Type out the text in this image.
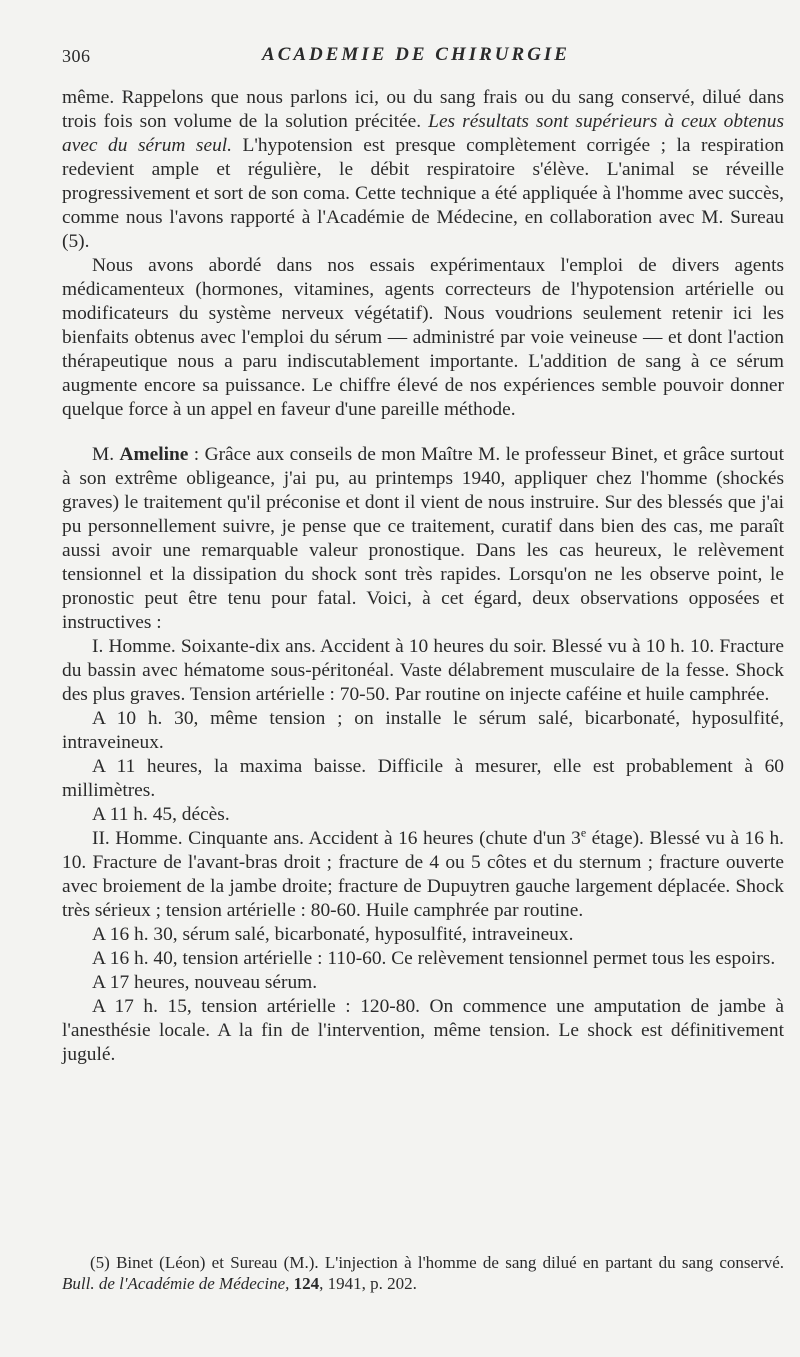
306	ACADEMIE DE CHIRURGIE

même. Rappelons que nous parlons ici, ou du sang frais ou du sang conservé, dilué dans trois fois son volume de la solution précitée. Les résultats sont supérieurs à ceux obtenus avec du sérum seul. L'hypotension est presque complètement corrigée ; la respiration redevient ample et régulière, le débit respiratoire s'élève. L'animal se réveille progressivement et sort de son coma. Cette technique a été appliquée à l'homme avec succès, comme nous l'avons rapporté à l'Académie de Médecine, en collaboration avec M. Sureau (5).

Nous avons abordé dans nos essais expérimentaux l'emploi de divers agents médicamenteux (hormones, vitamines, agents correcteurs de l'hypotension artérielle ou modificateurs du système nerveux végétatif). Nous voudrions seulement retenir ici les bienfaits obtenus avec l'emploi du sérum — administré par voie veineuse — et dont l'action thérapeutique nous a paru indiscutablement importante. L'addition de sang à ce sérum augmente encore sa puissance. Le chiffre élevé de nos expériences semble pouvoir donner quelque force à un appel en faveur d'une pareille méthode.

M. Ameline : Grâce aux conseils de mon Maître M. le professeur Binet, et grâce surtout à son extrême obligeance, j'ai pu, au printemps 1940, appliquer chez l'homme (shockés graves) le traitement qu'il préconise et dont il vient de nous instruire. Sur des blessés que j'ai pu personnellement suivre, je pense que ce traitement, curatif dans bien des cas, me paraît aussi avoir une remarquable valeur pronostique. Dans les cas heureux, le relèvement tensionnel et la dissipation du shock sont très rapides. Lorsqu'on ne les observe point, le pronostic peut être tenu pour fatal. Voici, à cet égard, deux observations opposées et instructives :

I. Homme. Soixante-dix ans. Accident à 10 heures du soir. Blessé vu à 10 h. 10. Fracture du bassin avec hématome sous-péritonéal. Vaste délabrement musculaire de la fesse. Shock des plus graves. Tension artérielle : 70-50. Par routine on injecte caféine et huile camphrée.

A 10 h. 30, même tension ; on installe le sérum salé, bicarbonaté, hyposulfité, intraveineux.

A 11 heures, la maxima baisse. Difficile à mesurer, elle est probablement à 60 millimètres.

A 11 h. 45, décès.

II. Homme. Cinquante ans. Accident à 16 heures (chute d'un 3e étage). Blessé vu à 16 h. 10. Fracture de l'avant-bras droit ; fracture de 4 ou 5 côtes et du sternum ; fracture ouverte avec broiement de la jambe droite; fracture de Dupuytren gauche largement déplacée. Shock très sérieux ; tension artérielle : 80-60. Huile camphrée par routine.

A 16 h. 30, sérum salé, bicarbonaté, hyposulfité, intraveineux.

A 16 h. 40, tension artérielle : 110-60. Ce relèvement tensionnel permet tous les espoirs.

A 17 heures, nouveau sérum.

A 17 h. 15, tension artérielle : 120-80. On commence une amputation de jambe à l'anesthésie locale. A la fin de l'intervention, même tension. Le shock est définitivement jugulé.

(5) Binet (Léon) et Sureau (M.). L'injection à l'homme de sang dilué en partant du sang conservé. Bull. de l'Académie de Médecine, 124, 1941, p. 202.
